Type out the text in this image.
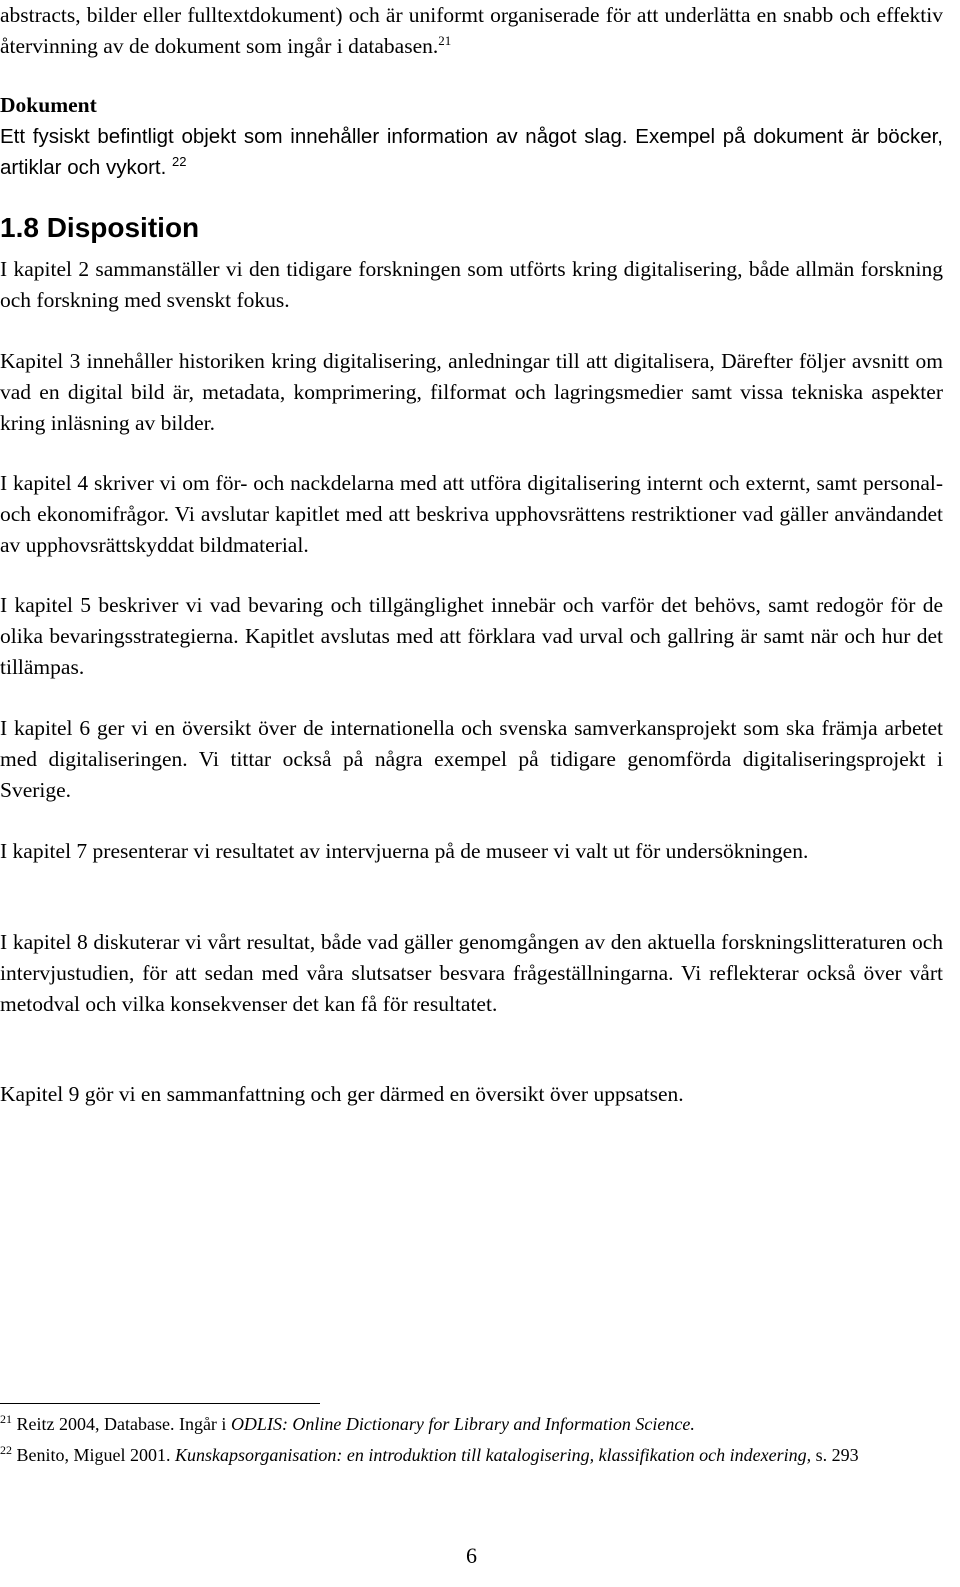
abstracts, bilder eller fulltextdokument) och är uniformt organiserade för att underlätta en snabb och effektiv återvinning av de dokument som ingår i databasen.$^{21}$

Dokument

Ett fysiskt befintligt objekt som innehåller information av något slag. Exempel på dokument är böcker, artiklar och vykort. $^{22}$

1.8 Disposition

I kapitel 2 sammanställer vi den tidigare forskningen som utförts kring digitalisering, både allmän forskning och forskning med svenskt fokus.

Kapitel 3 innehåller historiken kring digitalisering, anledningar till att digitalisera, Därefter följer avsnitt om vad en digital bild är, metadata, komprimering, filformat och lagringsmedier samt vissa tekniska aspekter kring inläsning av bilder.

I kapitel 4 skriver vi om för- och nackdelarna med att utföra digitalisering internt och externt, samt personal- och ekonomifrågor. Vi avslutar kapitlet med att beskriva upphovsrättens restriktioner vad gäller användandet av upphovsrättskyddat bildmaterial.

I kapitel 5 beskriver vi vad bevaring och tillgänglighet innebär och varför det behövs, samt redogör för de olika bevaringsstrategierna. Kapitlet avslutas med att förklara vad urval och gallring är samt när och hur det tillämpas.

I kapitel 6 ger vi en översikt över de internationella och svenska samverkansprojekt som ska främja arbetet med digitaliseringen. Vi tittar också på några exempel på tidigare genomförda digitaliseringsprojekt i Sverige.

I kapitel 7 presenterar vi resultatet av intervjuerna på de museer vi valt ut för undersökningen.

I kapitel 8 diskuterar vi vårt resultat, både vad gäller genomgången av den aktuella forskningslitteraturen och intervjustudien, för att sedan med våra slutsatser besvara frågeställningarna. Vi reflekterar också över vårt metodval och vilka konsekvenser det kan få för resultatet.

Kapitel 9 gör vi en sammanfattning och ger därmed en översikt över uppsatsen.

$^{21}$ Reitz 2004, Database. Ingår i ODLIS: Online Dictionary for Library and Information Science.

$^{22}$ Benito, Miguel 2001. Kunskapsorganisation: en introduktion till katalogisering, klassifikation och indexering, s. 293

6
